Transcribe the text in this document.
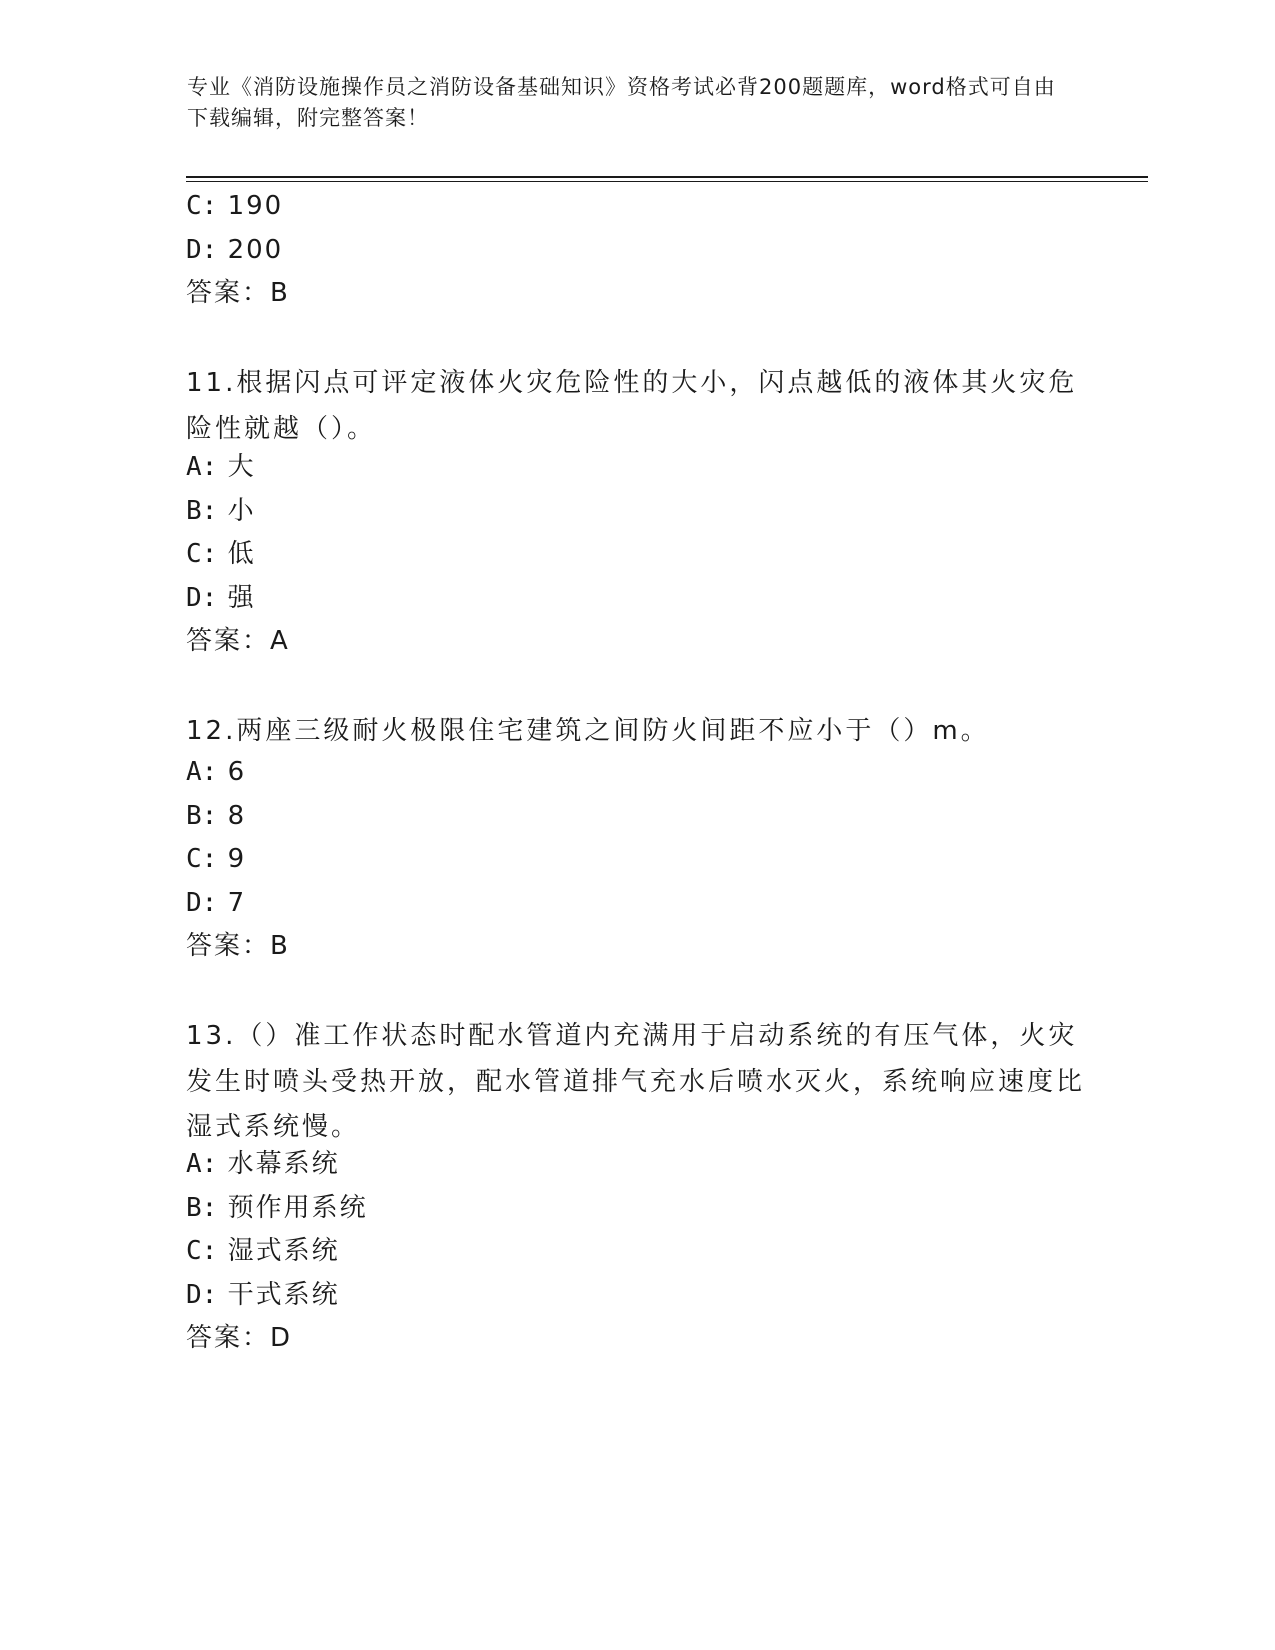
专业《消防设施操作员之消防设备基础知识》资格考试必背200题题库，word格式可自由下载编辑，附完整答案！
C: 190
D: 200
答案：B
11.根据闪点可评定液体火灾危险性的大小，闪点越低的液体其火灾危险性就越（）。
A: 大
B: 小
C: 低
D: 强
答案：A
12.两座三级耐火极限住宅建筑之间防火间距不应小于（）m。
A: 6
B: 8
C: 9
D: 7
答案：B
13.（）准工作状态时配水管道内充满用于启动系统的有压气体，火灾发生时喷头受热开放，配水管道排气充水后喷水灭火，系统响应速度比湿式系统慢。
A: 水幕系统
B: 预作用系统
C: 湿式系统
D: 干式系统
答案：D
